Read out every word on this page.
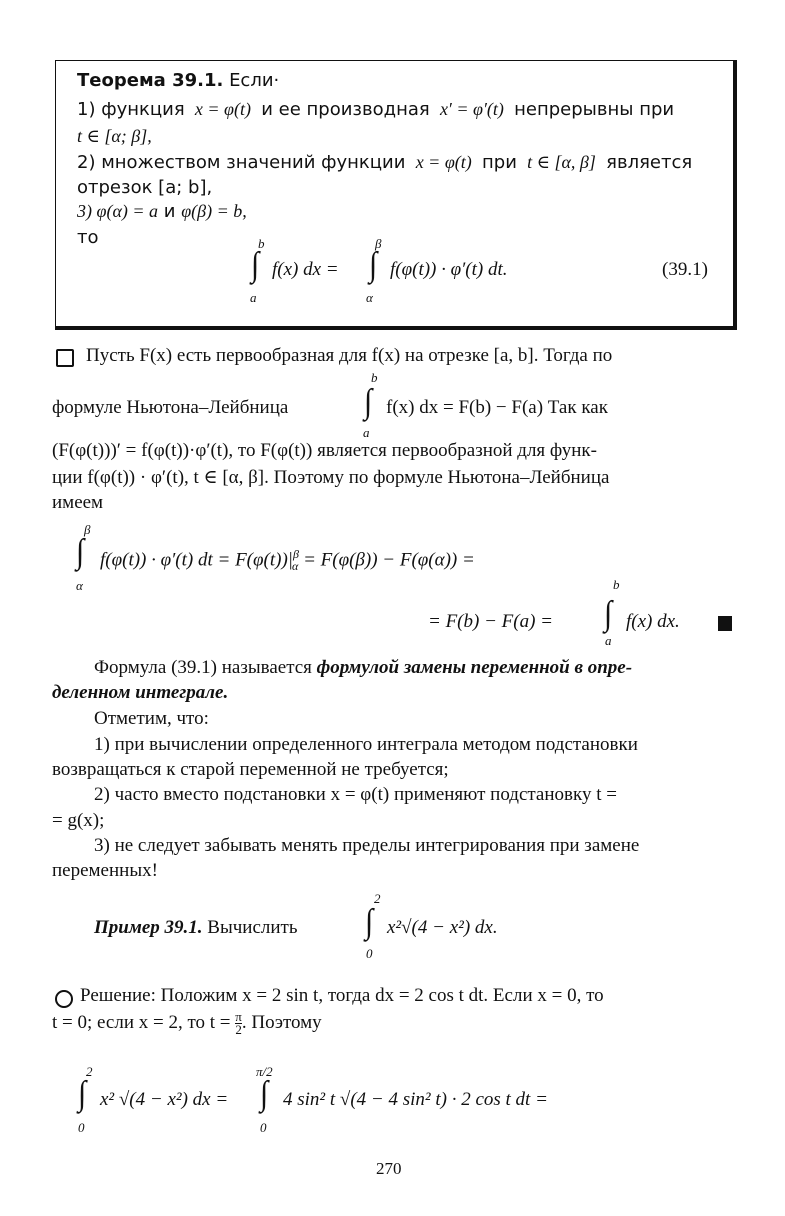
Теорема 39.1. Если·
1) функция  x = φ(t)  и ее производная  x′ = φ′(t)  непрерывны при
t ∈ [α; β],
2) множеством значений функции  x = φ(t)  при  t ∈ [α, β]  является
отрезок [a; b],
3) φ(α) = a и φ(β) = b,
то	b
∫
a
f(x) dx =
β
∫
α
f(φ(t)) · φ′(t) dt.	(39.1)
Пусть F(x) есть первообразная для f(x) на отрезке [a, b]. Тогда по
формуле Ньютона–Лейбница
b
∫
a
f(x) dx = F(b) − F(a) Так как
(F(φ(t)))′ = f(φ(t))·φ′(t), то F(φ(t)) является первообразной для функ-
ции f(φ(t)) · φ′(t), t ∈ [α, β]. Поэтому по формуле Ньютона–Лейбница
имеем
β
∫
α
f(φ(t)) · φ′(t) dt = $F(\varphi(t))|^\beta_\alpha = F(\varphi(\beta)) - F(\varphi(\alpha))$ =
= F(b) − F(a) =
b
∫
a
f(x) dx.
Формула (39.1) называется формулой замены переменной в опре-
деленном интеграле.
Отметим, что:
1) при вычислении определенного интеграла методом подстановки
возвращаться к старой переменной не требуется;
2) часто вместо подстановки x = φ(t) применяют подстановку t =
= g(x);
3) не следует забывать менять пределы интегрирования при замене
переменных!
Пример 39.1. Вычислить
2
∫
0
x²√(4 − x²) dx.
Решение: Положим x = 2 sin t, тогда dx = 2 cos t dt. Если x = 0, то
t = 0; если x = 2, то $t = \frac{\pi}{2}$ . Поэтому
2
∫
0
x² √(4 − x²) dx =
π/2
∫
0
4 sin² t √(4 − 4 sin² t) · 2 cos t dt =
270
